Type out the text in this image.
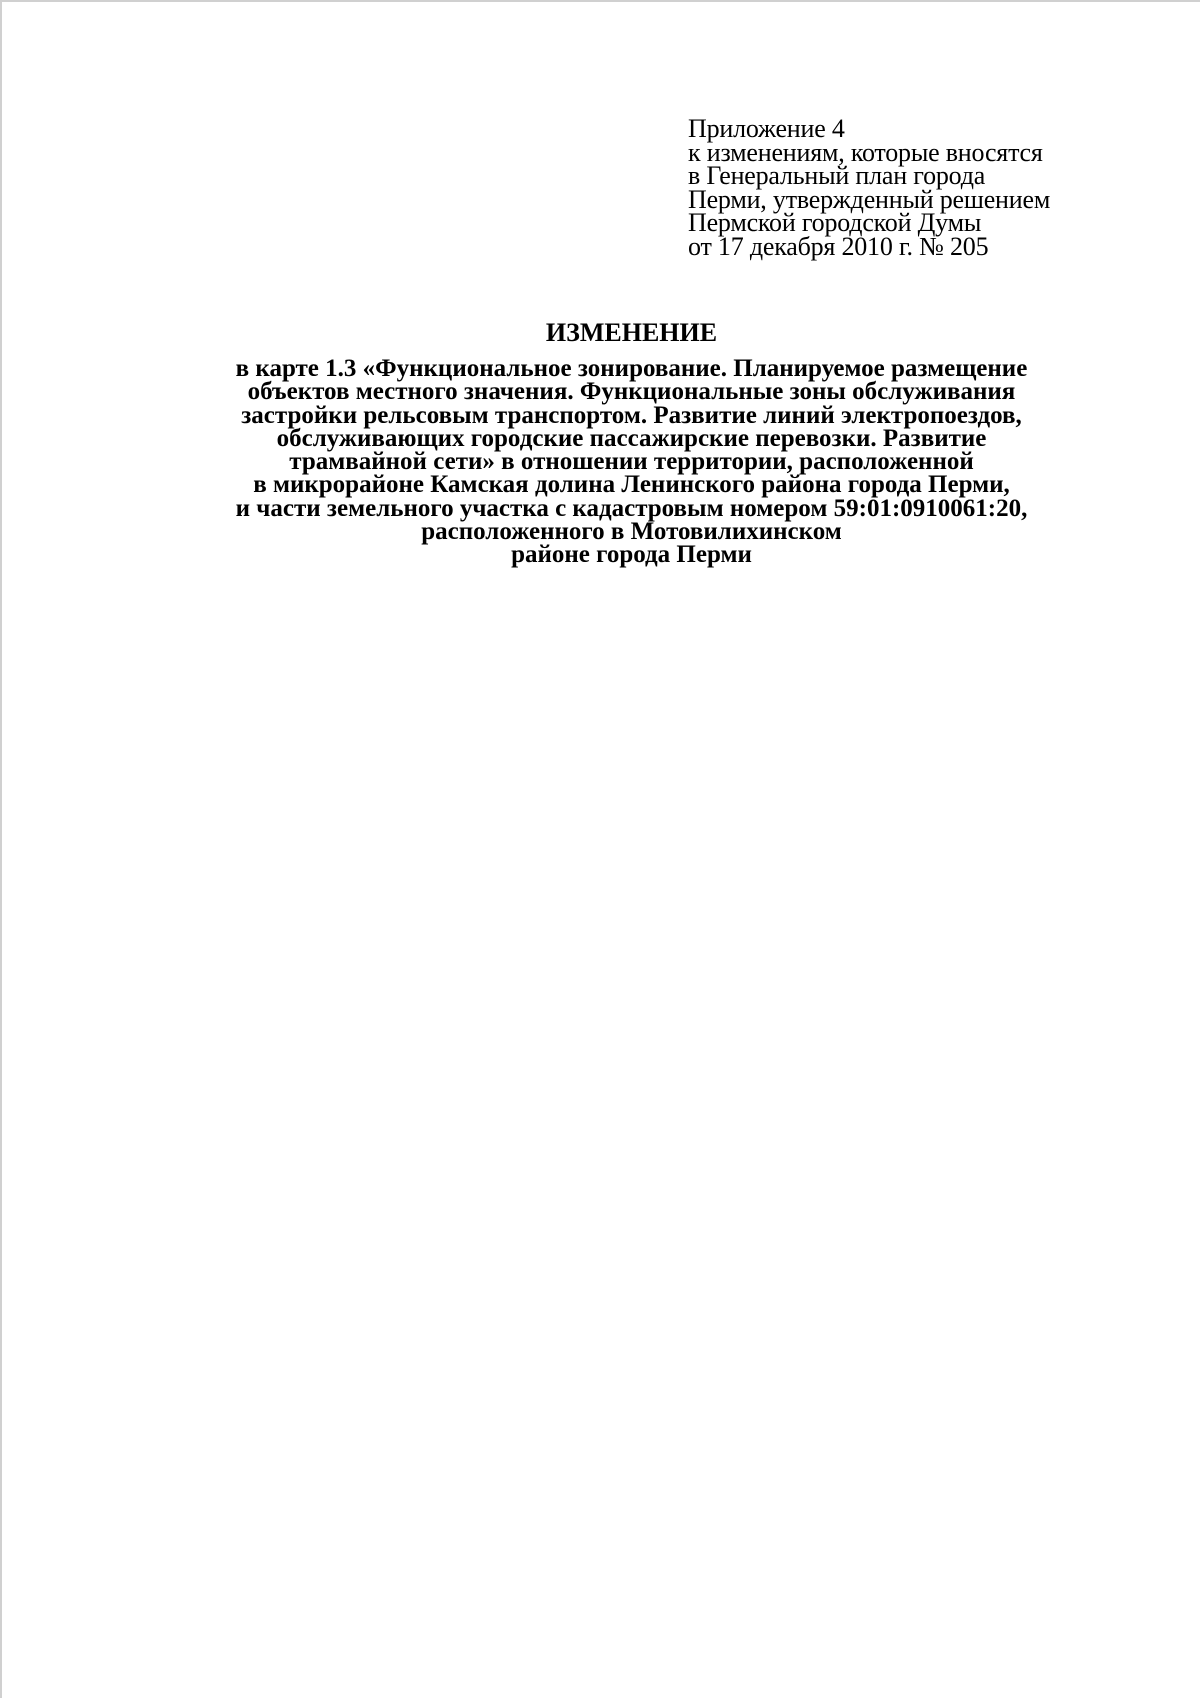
Приложение 4
к изменениям, которые вносятся
в Генеральный план города
Перми, утвержденный решением
Пермской городской Думы
от 17 декабря 2010 г. № 205
ИЗМЕНЕНИЕ
в карте 1.3 «Функциональное зонирование. Планируемое размещение
объектов местного значения. Функциональные зоны обслуживания
застройки рельсовым транспортом. Развитие линий электропоездов,
обслуживающих городские пассажирские перевозки. Развитие
трамвайной сети» в отношении территории, расположенной
в микрорайоне Камская долина Ленинского района города Перми,
и части земельного участка с кадастровым номером 59:01:0910061:20,
расположенного в Мотовилихинском
районе города Перми
